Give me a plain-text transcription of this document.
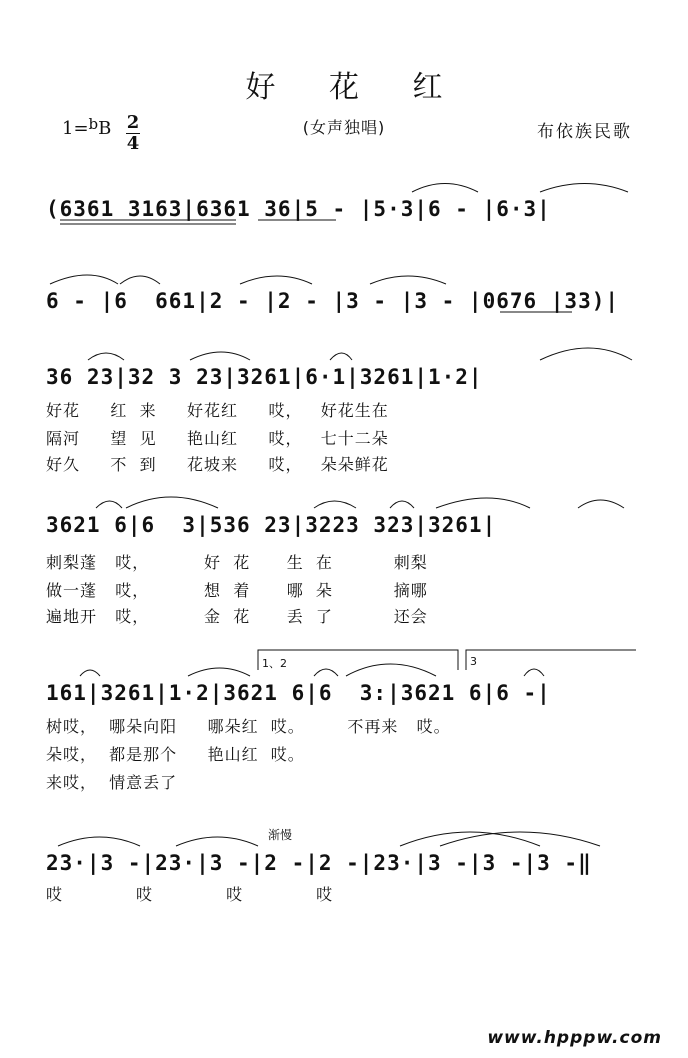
好 花 红
(女声独唱)	布依族民歌
1=$^b$B 2
4
(6361 3163|6361 36|5 - |5·3|6 - |6·3|
6 - |6  661|2 - |2 - |3 - |3 - |0676 |33)|
36 23|32 3 23|3261|6·1|3261|1·2|
好花     红  来     好花红     哎，   好花生在
隔河     望  见     艳山红     哎，   七十二朵
好久     不  到     花坡来     哎，   朵朵鲜花
3621 6|6  3|536 23|3223 323|3261|
刺梨蓬   哎，         好  花      生  在          刺梨
做一蓬   哎，         想  着      哪  朵          摘哪
遍地开   哎，         金  花      丢  了          还会
1、2	3
161|3261|1·2|3621 6|6  3:|3621 6|6 -|
树哎，  哪朵向阳     哪朵红  哎。       不再来   哎。
朵哎，  都是那个     艳山红  哎。
来哎，  情意丢了
渐慢
23·|3 -|23·|3 -|2 -|2 -|23·|3 -|3 -|3 -‖
哎            哎            哎            哎
www.hpppw.com
